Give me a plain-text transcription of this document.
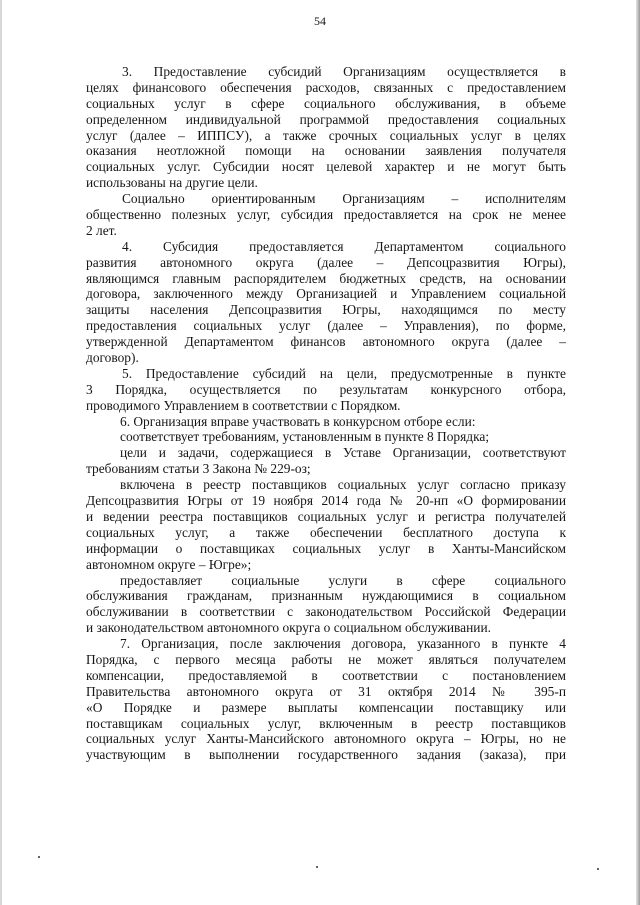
54
3. Предоставление субсидий Организациям осуществляется в
целях финансового обеспечения расходов, связанных с предоставлением
социальных услуг в сфере социального обслуживания, в объеме
определенном индивидуальной программой предоставления социальных
услуг (далее – ИППСУ), а также срочных социальных услуг в целях
оказания неотложной помощи на основании заявления получателя
социальных услуг. Субсидии носят целевой характер и не могут быть
использованы на другие цели.
Социально ориентированным Организациям – исполнителям
общественно полезных услуг, субсидия предоставляется на срок не менее
2 лет.
4. Субсидия предоставляется Департаментом социального
развития автономного округа (далее – Депсоцразвития Югры),
являющимся главным распорядителем бюджетных средств, на основании
договора, заключенного между Организацией и Управлением социальной
защиты населения Депсоцразвития Югры, находящимся по месту
предоставления социальных услуг (далее – Управления), по форме,
утвержденной Департаментом финансов автономного округа (далее –
договор).
5. Предоставление субсидий на цели, предусмотренные в пункте
3 Порядка, осуществляется по результатам конкурсного отбора,
проводимого Управлением в соответствии с Порядком.
6. Организация вправе участвовать в конкурсном отборе если:
соответствует требованиям, установленным в пункте 8 Порядка;
цели и задачи, содержащиеся в Уставе Организации, соответствуют
требованиям статьи 3 Закона № 229-оз;
включена в реестр поставщиков социальных услуг согласно приказу
Депсоцразвития Югры от 19 ноября 2014 года № 20-нп «О формировании
и ведении реестра поставщиков социальных услуг и регистра получателей
социальных услуг, а также обеспечении бесплатного доступа к
информации о поставщиках социальных услуг в Ханты-Мансийском
автономном округе – Югре»;
предоставляет социальные услуги в сфере социального
обслуживания гражданам, признанным нуждающимися в социальном
обслуживании в соответствии с законодательством Российской Федерации
и законодательством автономного округа о социальном обслуживании.
7. Организация, после заключения договора, указанного в пункте 4
Порядка, с первого месяца работы не может являться получателем
компенсации, предоставляемой в соответствии с постановлением
Правительства автономного округа от 31 октября 2014 № 395-п
«О Порядке и размере выплаты компенсации поставщику или
поставщикам социальных услуг, включенным в реестр поставщиков
социальных услуг Ханты-Мансийского автономного округа – Югры, но не
участвующим в выполнении государственного задания (заказа), при
